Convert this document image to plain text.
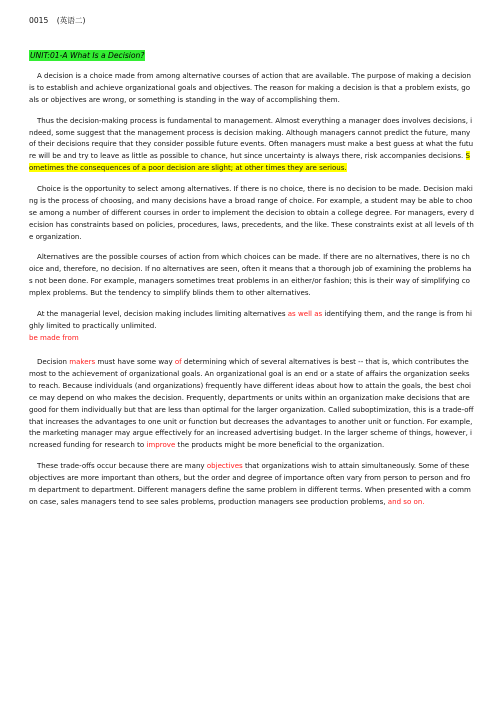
0015 (英语二)
UNIT:01-A What Is a Decision?

A decision is a choice made from among alternative courses of action that are available. The purpose of making a decision is to establish and achieve organizational goals and objectives. The reason for making a decision is that a problem exists, goals or objectives are wrong, or something is standing in the way of accomplishing them.

Thus the decision-making process is fundamental to management. Almost everything a manager does involves decisions, indeed, some suggest that the management process is decision making. Although managers cannot predict the future, many of their decisions require that they consider possible future events. Often managers must make a best guess at what the future will be and try to leave as little as possible to chance, hut since uncertainty is always there, risk accompanies decisions. Sometimes the consequences of a poor decision are slight; at other times they are serious.

Choice is the opportunity to select among alternatives. If there is no choice, there is no decision to be made. Decision making is the process of choosing, and many decisions have a broad range of choice. For example, a student may be able to choose among a number of different courses in order to implement the decision to obtain a college degree. For managers, every decision has constraints based on policies, procedures, laws, precedents, and the like. These constraints exist at all levels of the organization.

Alternatives are the possible courses of action from which choices can be made. If there are no alternatives, there is no choice and, therefore, no decision. If no alternatives are seen, often it means that a thorough job of examining the problems has not been done. For example, managers sometimes treat problems in an either/or fashion; this is their way of simplifying complex problems. But the tendency to simplify blinds them to other alternatives.

At the managerial level, decision making includes limiting alternatives as well as identifying them, and the range is from highly limited to practically unlimited.

be made from

Decision makers must have some way of determining which of several alternatives is best -- that is, which contributes the most to the achievement of organizational goals. An organizational goal is an end or a state of affairs the organization seeks to reach. Because individuals (and organizations) frequently have different ideas about how to attain the goals, the best choice may depend on who makes the decision. Frequently, departments or units within an organization make decisions that are good for them individually but that are less than optimal for the larger organization. Called suboptimization, this is a trade-off that increases the advantages to one unit or function but decreases the advantages to another unit or function. For example, the marketing manager may argue effectively for an increased advertising budget. In the larger scheme of things, however, increased funding for research to improve the products might be more beneficial to the organization.

These trade-offs occur because there are many objectives that organizations wish to attain simultaneously. Some of these objectives are more important than others, but the order and degree of importance often vary from person to person and from department to department. Different managers define the same problem in different terms. When presented with a common case, sales managers tend to see sales problems, production managers see production problems, and so on.
